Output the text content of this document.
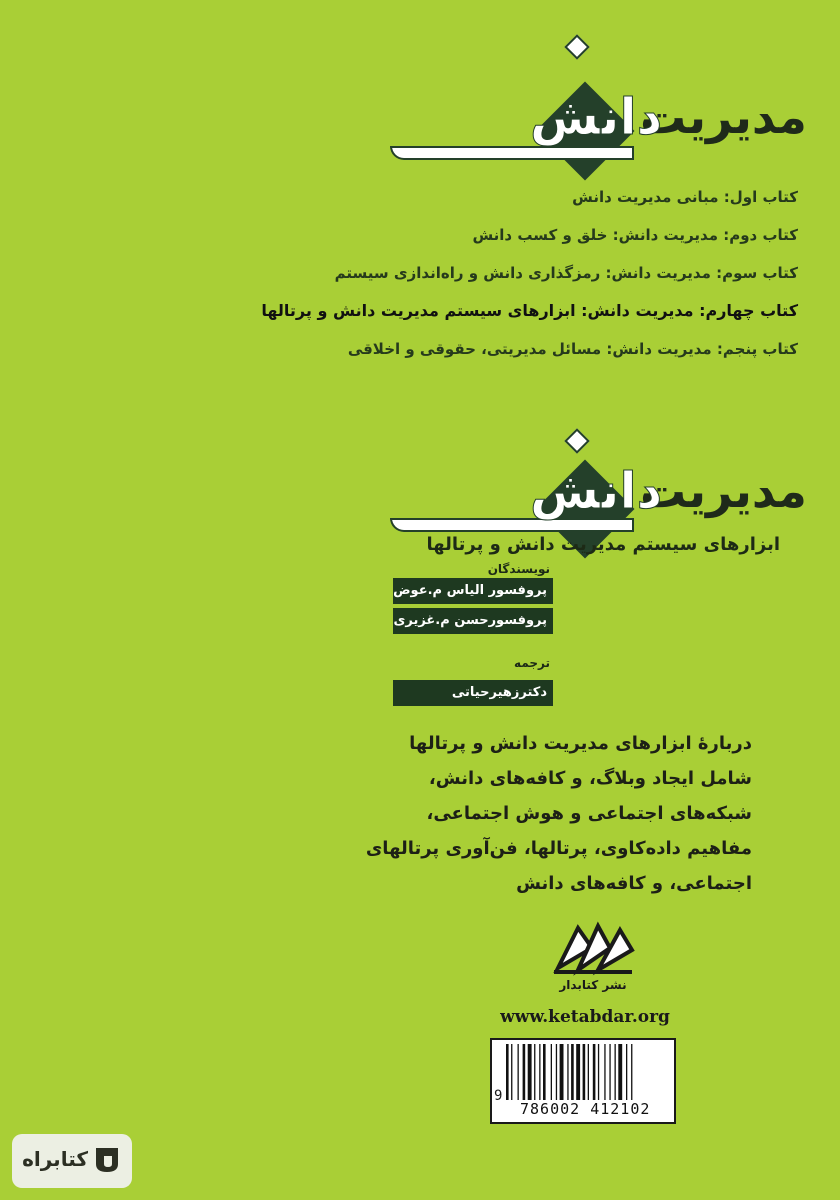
مدیریت
دانش
کتاب اول: مبانی مدیریت دانش
کتاب دوم: مدیریت دانش: خلق و کسب دانش
کتاب سوم: مدیریت دانش: رمزگذاری دانش و راه‌اندازی سیستم
کتاب چهارم: مدیریت دانش: ابزارهای سیستم مدیریت دانش و پرتالها
کتاب پنجم: مدیریت دانش: مسائل مدیریتی، حقوقی و اخلاقی
مدیریت
دانش
ابزارهای سیستم مدیریت دانش و پرتالها
نویسندگان
پروفسور الیاس م.عوض
پروفسورحسن م.غزیری
ترجمه
دکترزهیرحیاتی
دربارۀ ابزارهای مدیریت دانش و پرتالها
شامل ایجاد وبلاگ، و کافه‌های دانش،
شبکه‌های اجتماعی و هوش اجتماعی،
مفاهیم داده‌کاوی، پرتالها، فن‌آوری پرتالهای
اجتماعی، و کافه‌های دانش
نشر کتابدار
www.ketabdar.org
9
786002 412102
کتابراه
